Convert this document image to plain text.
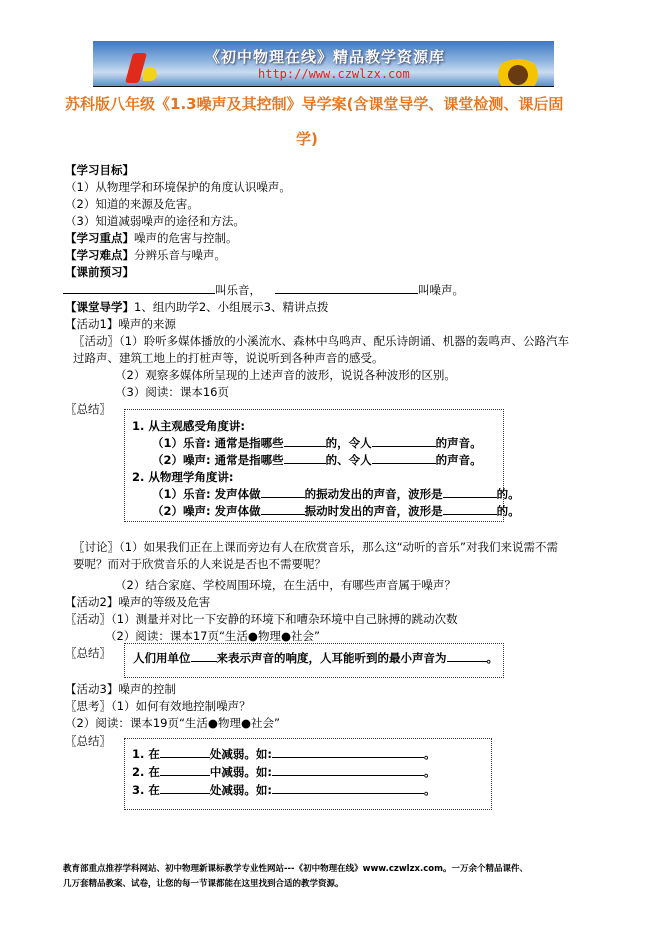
《初中物理在线》精品教学资源库
http://www.czwlzx.com
苏科版八年级《1.3噪声及其控制》导学案(含课堂导学、课堂检测、课后固
学)
【学习目标】
（1）从物理学和环境保护的角度认识噪声。
（2）知道的来源及危害。
（3）知道减弱噪声的途径和方法。
【学习重点】噪声的危害与控制。
【学习难点】分辨乐音与噪声。
【课前预习】
叫乐音，	叫噪声。
【课堂导学】1、组内助学2、小组展示3、精讲点拨
【活动1】噪声的来源
〖活动〗（1）聆听多媒体播放的小溪流水、森林中鸟鸣声、配乐诗朗诵、机器的轰鸣声、公路汽车
过路声、建筑工地上的打桩声等，说说听到各种声音的感受。
（2）观察多媒体所呈现的上述声音的波形，说说各种波形的区别。
（3）阅读：课本16页
〖总结〗
1. 从主观感受角度讲:
（1）乐音: 通常是指哪些	的，令人	的声音。
（2）噪声: 通常是指哪些	的、令人	的声音。
2. 从物理学角度讲:
（1）乐音: 发声体做	的振动发出的声音，波形是	的。
（2）噪声: 发声体做	振动时发出的声音，波形是	的。
〖讨论〗（1）如果我们正在上课而旁边有人在欣赏音乐，那么这“动听的音乐”对我们来说需不需
要呢？而对于欣赏音乐的人来说是否也不需要呢？
（2）结合家庭、学校周围环境，在生活中，有哪些声音属于噪声？
【活动2】噪声的等级及危害
〖活动〗（1）测量并对比一下安静的环境下和嘈杂环境中自己脉搏的跳动次数
（2）阅读：课本17页“生活●物理●社会”
〖总结〗 人们用单位 来表示声音的响度，人耳能听到的最小声音为	。
【活动3】噪声的控制
〖思考〗（1）如何有效地控制噪声？
（2）阅读：课本19页“生活●物理●社会”
〖总结〗
1. 在	处减弱。如:	。
2. 在	中减弱。如:	。
3. 在	处减弱。如:	。
教育部重点推荐学科网站、初中物理新课标教学专业性网站---《初中物理在线》www.czwlzx.com。一万余个精品课件、
几万套精品教案、试卷，让您的每一节课都能在这里找到合适的教学资源。
